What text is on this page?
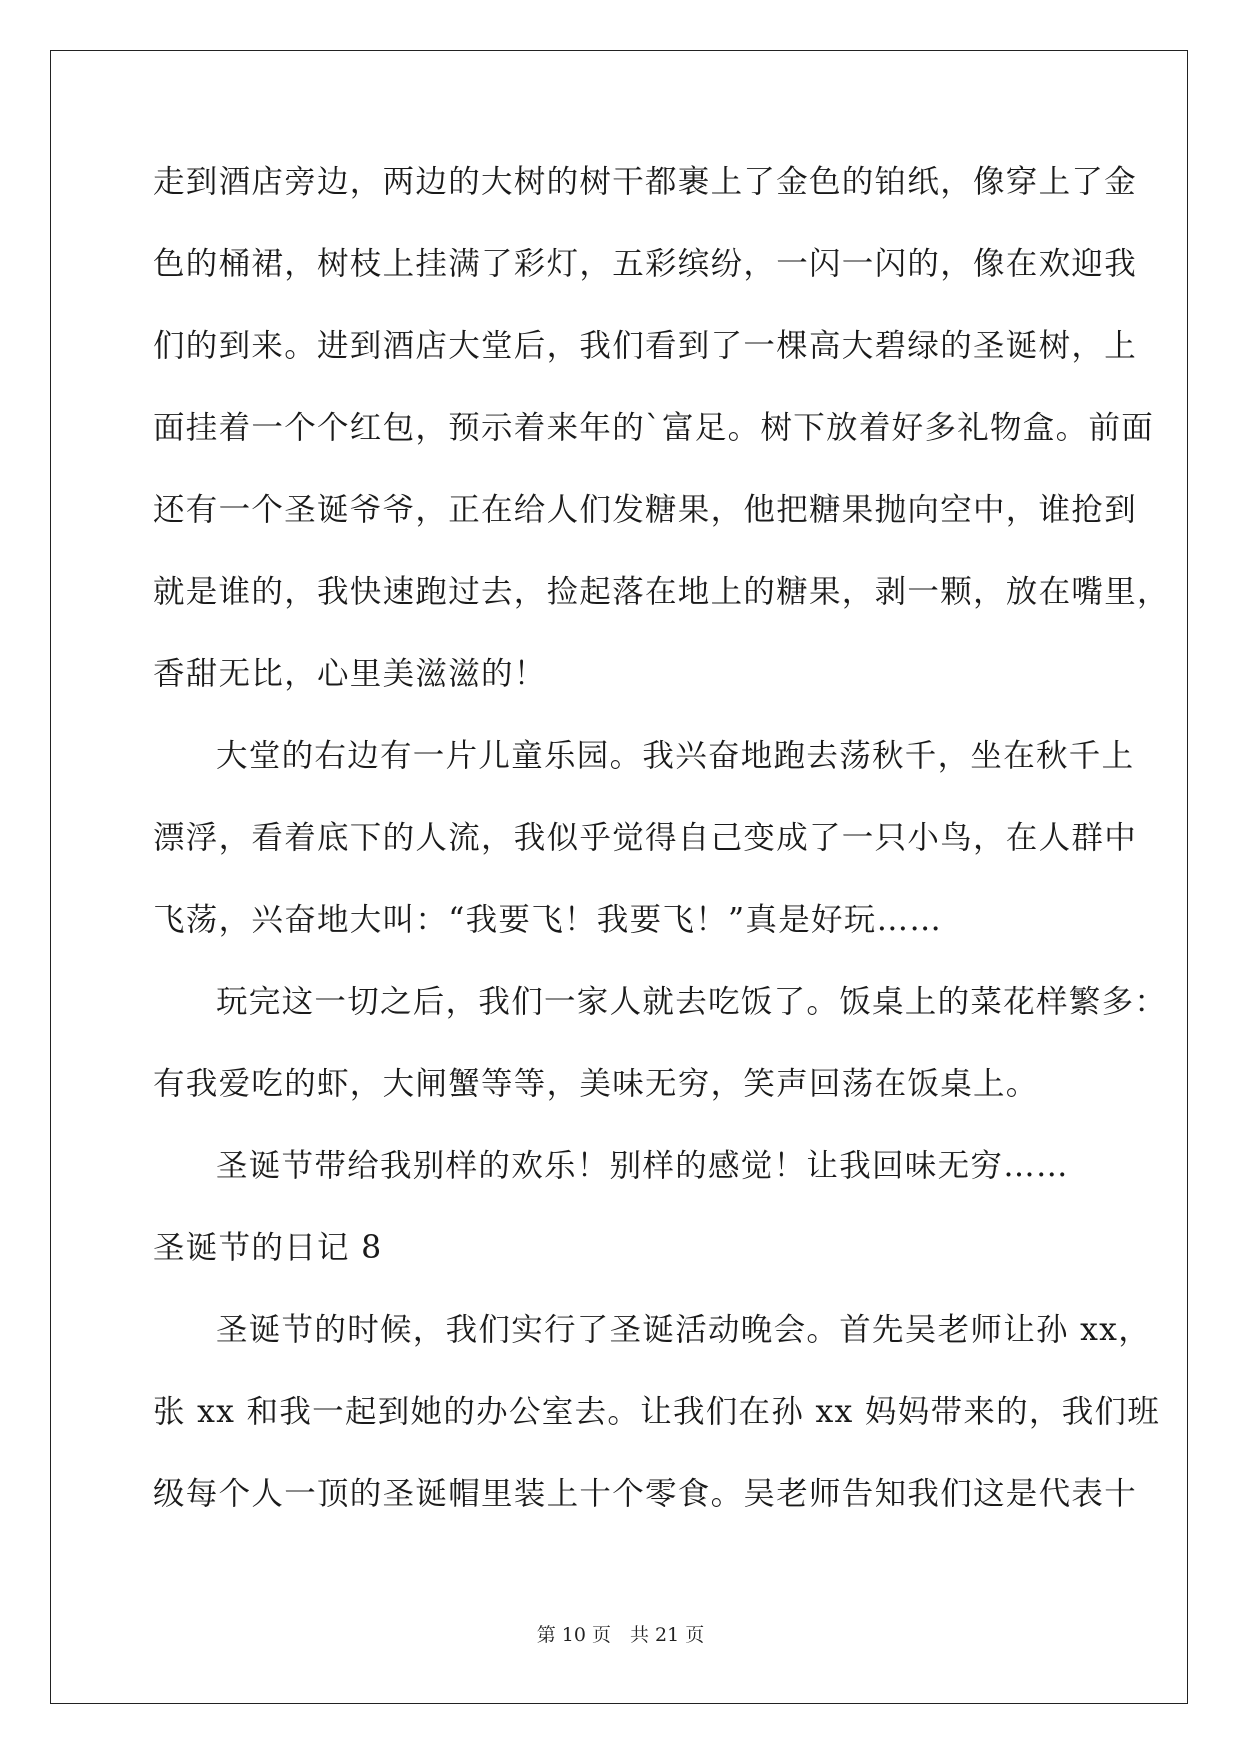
走到酒店旁边，两边的大树的树干都裹上了金色的铂纸，像穿上了金
色的桶裙，树枝上挂满了彩灯，五彩缤纷，一闪一闪的，像在欢迎我
们的到来。进到酒店大堂后，我们看到了一棵高大碧绿的圣诞树，上
面挂着一个个红包，预示着来年的`富足。树下放着好多礼物盒。前面
还有一个圣诞爷爷，正在给人们发糖果，他把糖果抛向空中，谁抢到
就是谁的，我快速跑过去，捡起落在地上的糖果，剥一颗，放在嘴里，
香甜无比，心里美滋滋的！
大堂的右边有一片儿童乐园。我兴奋地跑去荡秋千，坐在秋千上
漂浮，看着底下的人流，我似乎觉得自己变成了一只小鸟，在人群中
飞荡，兴奋地大叫：“我要飞！我要飞！”真是好玩……
玩完这一切之后，我们一家人就去吃饭了。饭桌上的菜花样繁多：
有我爱吃的虾，大闸蟹等等，美味无穷，笑声回荡在饭桌上。
圣诞节带给我别样的欢乐！别样的感觉！让我回味无穷……
圣诞节的日记 8
圣诞节的时候，我们实行了圣诞活动晚会。首先吴老师让孙 xx，
张 xx 和我一起到她的办公室去。让我们在孙 xx 妈妈带来的，我们班
级每个人一顶的圣诞帽里装上十个零食。吴老师告知我们这是代表十
第 10 页　共 21 页
